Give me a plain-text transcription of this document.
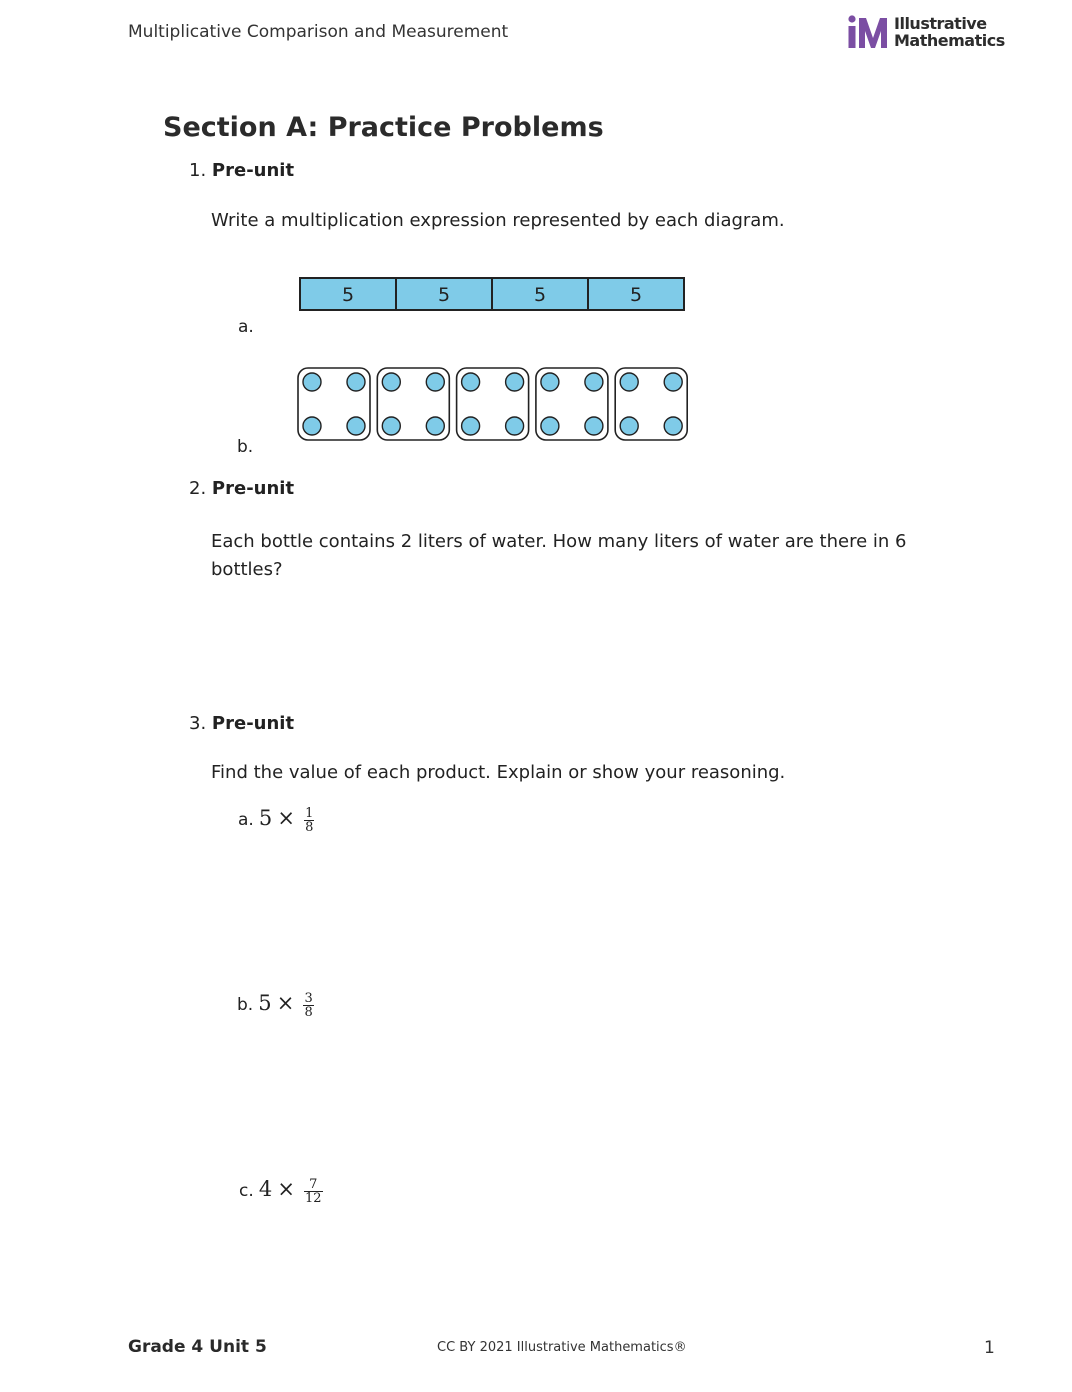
Multiplicative Comparison and Measurement	Illustrative
Mathematics
Section A: Practice Problems
1. Pre-unit
Write a multiplication expression represented by each diagram.
a.
5	5	5	5
b.
2. Pre-unit
Each bottle contains 2 liters of water. How many liters of water are there in 6 bottles?
3. Pre-unit
Find the value of each product. Explain or show your reasoning.
a. $5 \times \frac{1}{8}$
b. $5 \times \frac{3}{8}$
c. $4 \times \frac{7}{12}$
Grade 4 Unit 5	CC BY 2021 Illustrative Mathematics®	1
